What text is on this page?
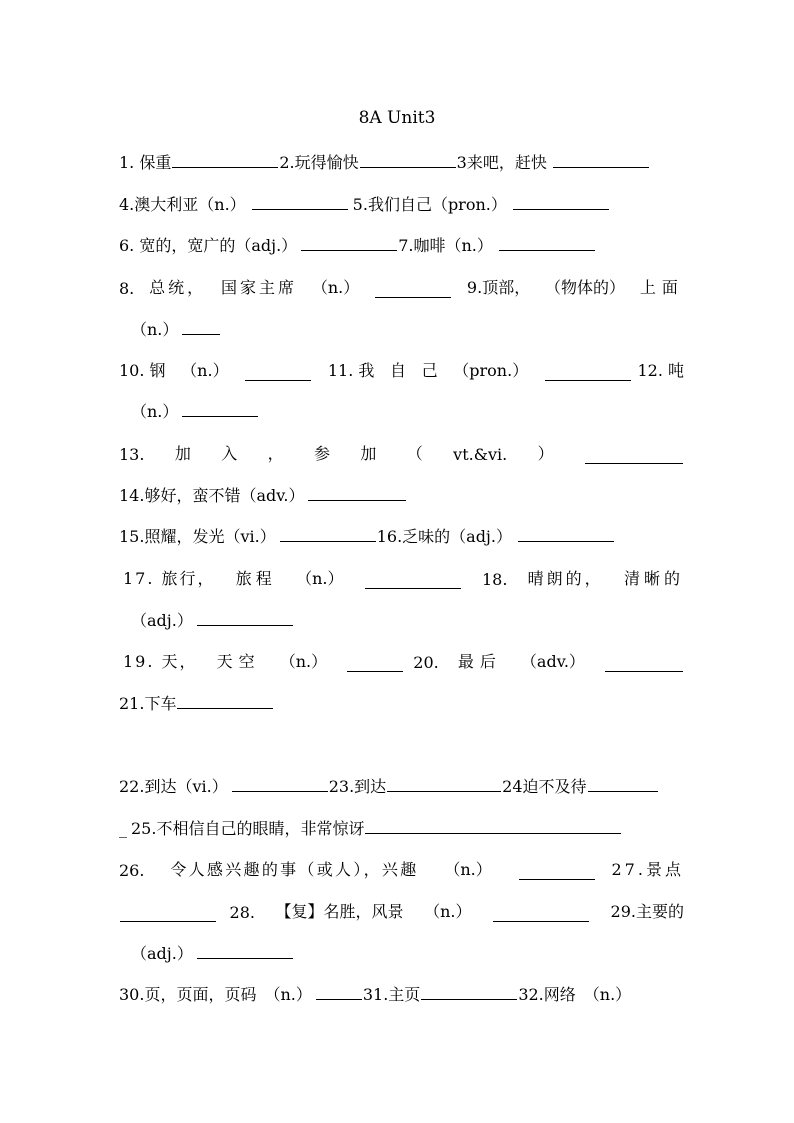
8A Unit3
1. 保重	2.玩得愉快	3来吧，赶快
4.澳大利亚（n.）	5.我们自己（pron.）
6. 宽的，宽广的（adj.）	7.咖啡（n.）
8. 总统， 国家主席 （n.）	9.顶部， （物体的） 上面
（n.）
10. 钢 （n.）	11. 我 自 己 （pron.）	12. 吨
（n.）
13. 加 入 ， 参 加 （ vt.&vi. ）
14.够好，蛮不错（adv.）
15.照耀，发光（vi.）	16.乏味的（adj.）
17. 旅行， 旅程 （n.）	18. 晴朗的， 清晰的
（adj.）
19. 天， 天空 （n.）	20. 最后 （adv.）
21.下车
22.到达（vi.）	23.到达	24迫不及待
_ 25.不相信自己的眼睛，非常惊讶
26. 令人感兴趣的事（或人），兴趣 （n.）	27.景点
28. 【复】名胜，风景 （n.）	29.主要的
（adj.）
30.页，页面，页码 （n.）	31.主页	32.网络 （n.）
